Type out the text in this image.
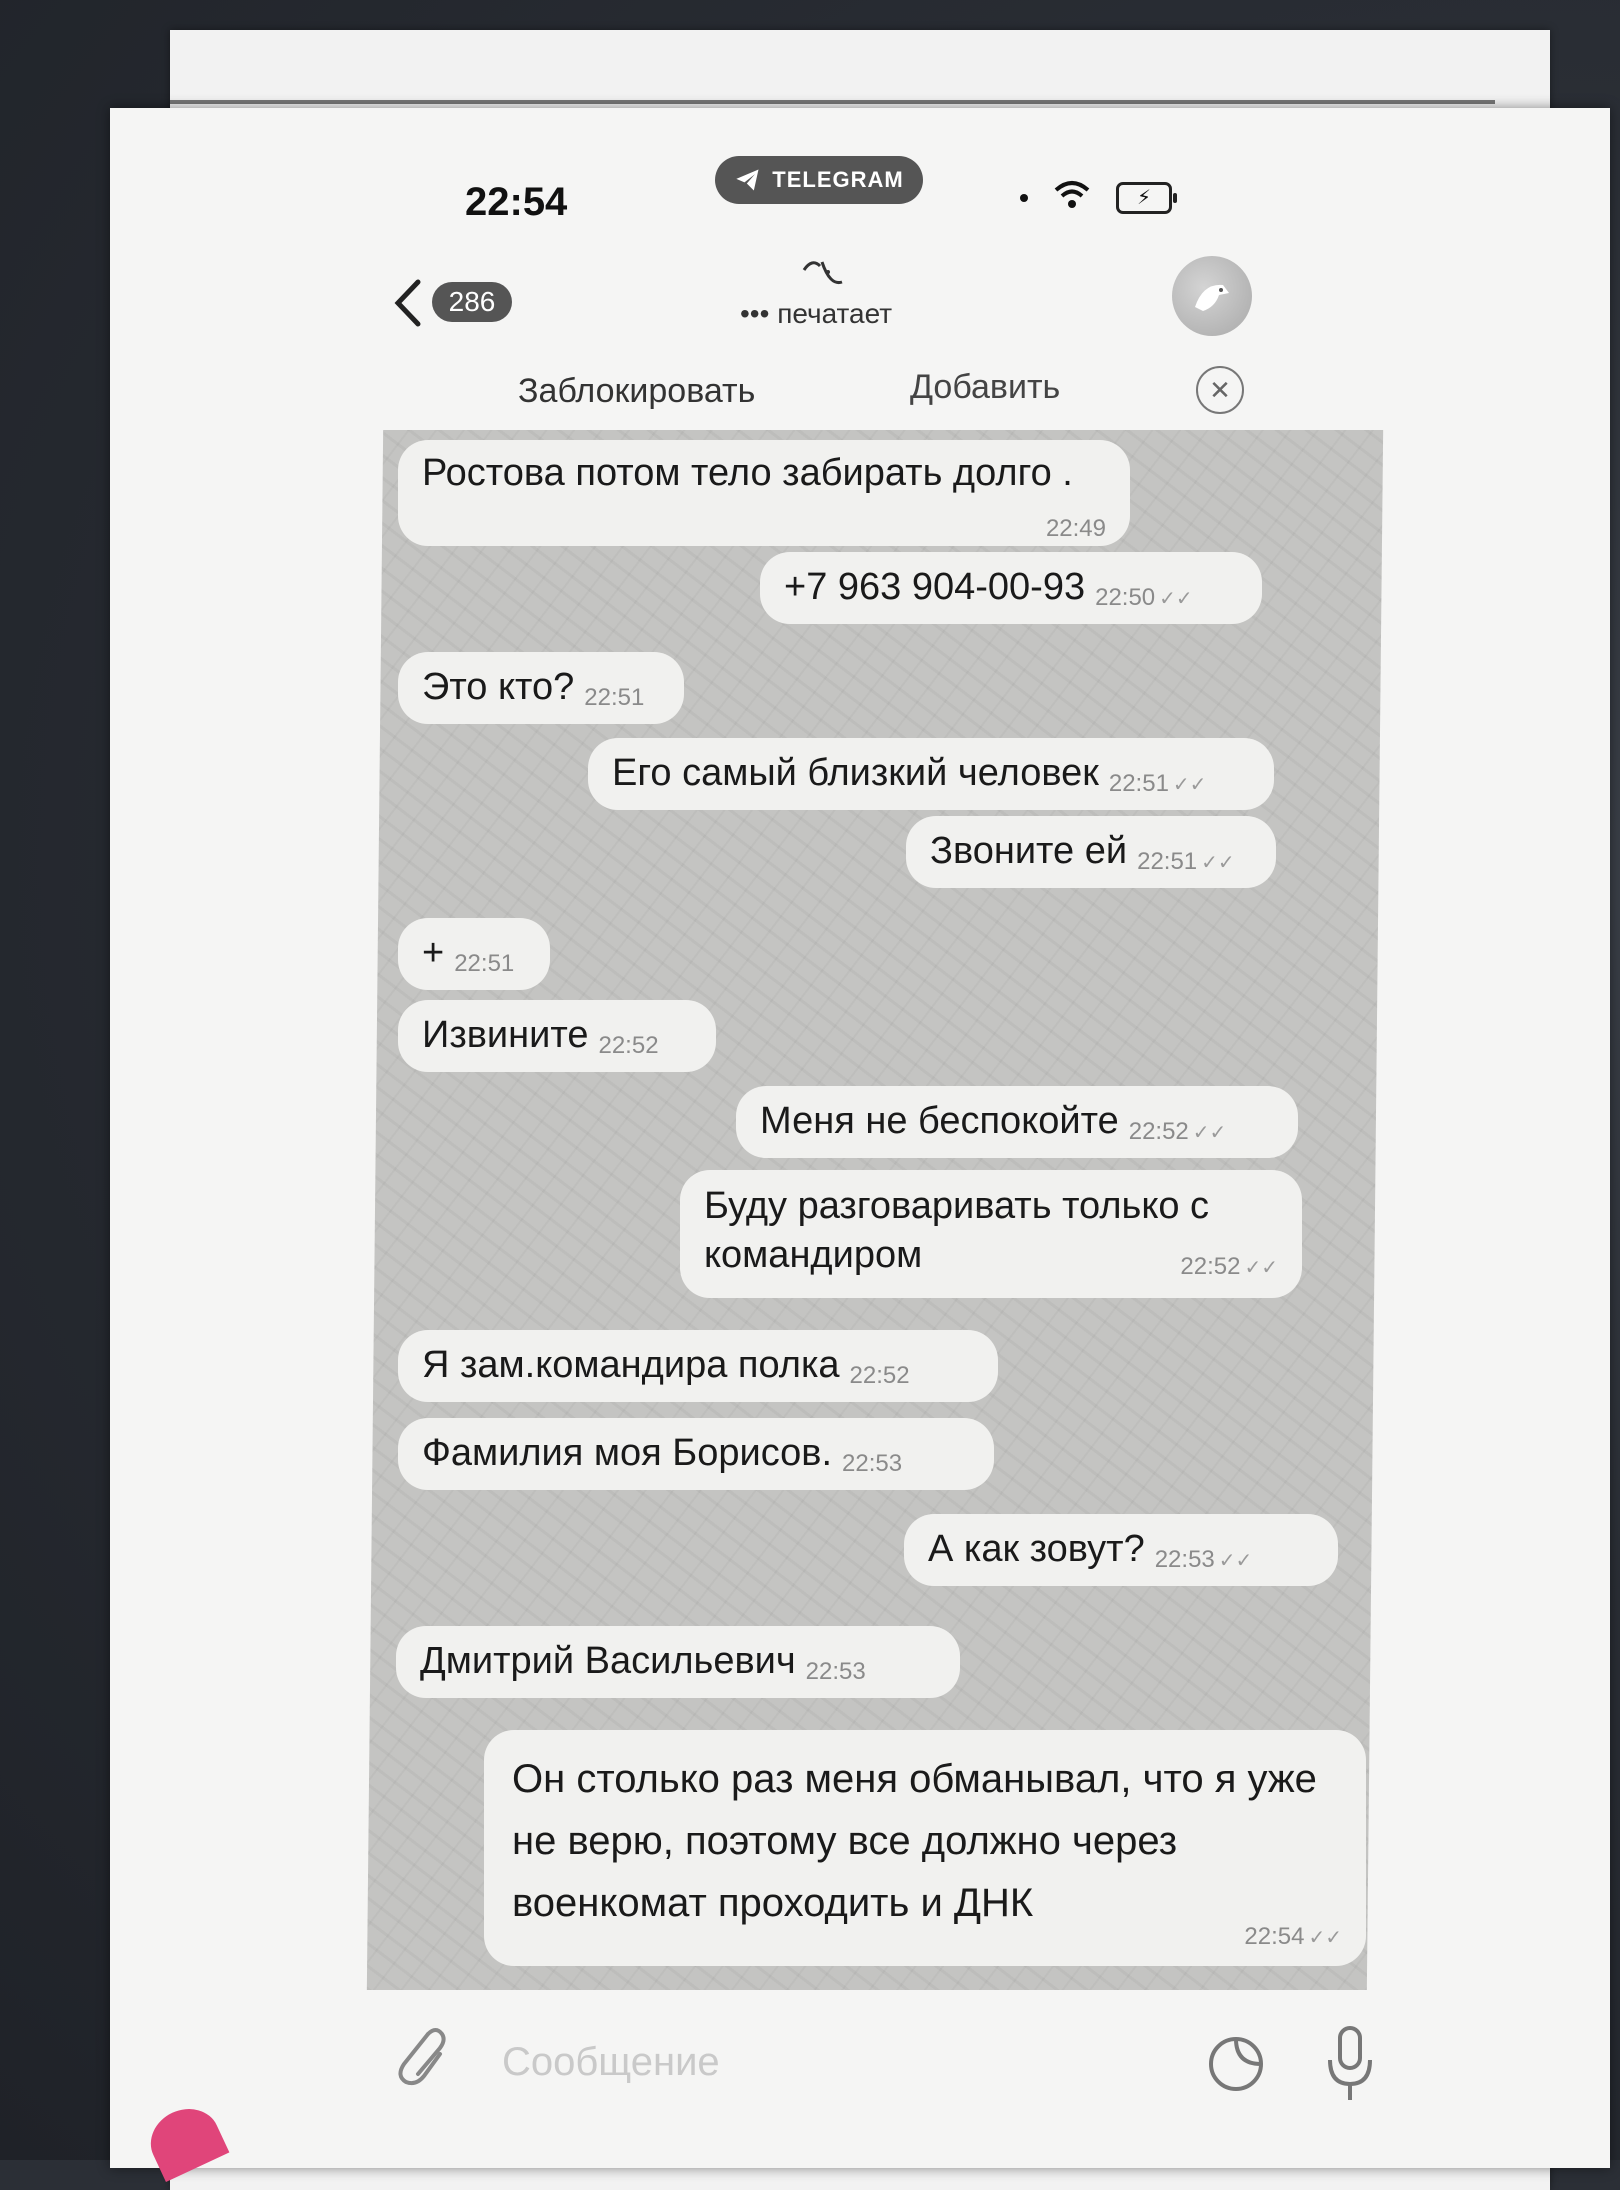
22:54
TELEGRAM
⚡
286	••• печатает
Заблокировать	Добавить	✕
Ростова потом тело забирать долго .
22:49
+7 963 904-00-93 22:50 ✓✓
Это кто? 22:51
Его самый близкий человек 22:51 ✓✓
Звоните ей 22:51 ✓✓
+ 22:51
Извините 22:52
Меня не беспокойте 22:52 ✓✓
Буду разговаривать только с командиром	22:52 ✓✓
Я зам.командира полка 22:52
Фамилия моя Борисов. 22:53
А как зовут? 22:53 ✓✓
Дмитрий Васильевич 22:53
Он столько раз меня обманывал, что я уже не верю, поэтому все должно через военкомат проходить и ДНК
22:54 ✓✓
Сообщение
